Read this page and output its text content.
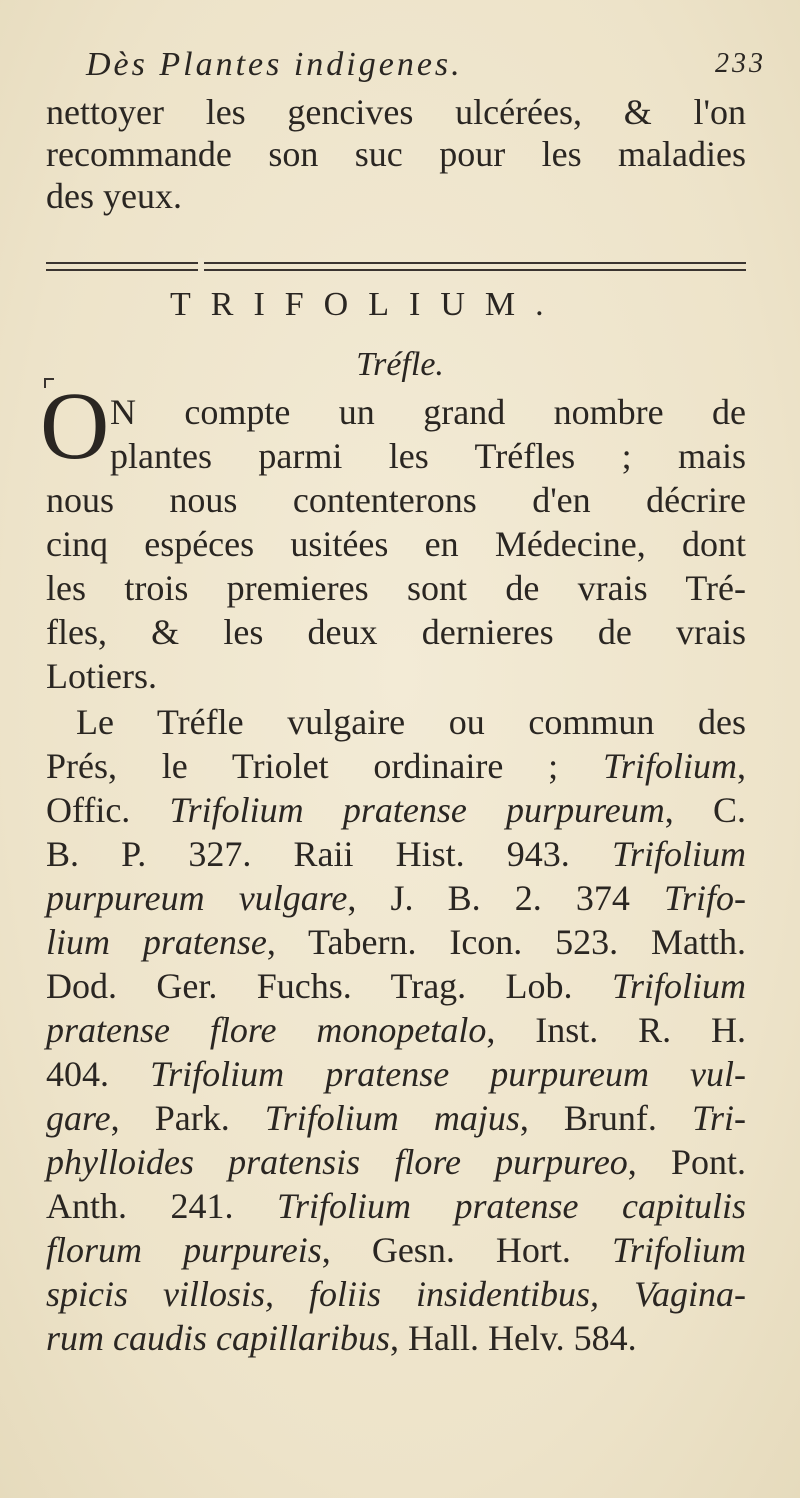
Dès Plantes indigenes.	233
nettoyer les gencives ulcérées, & l'on
recommande son suc pour les maladies
des yeux.
TRIFOLIUM.
Tréfle.
O N compte un grand nombre de
plantes parmi les Tréfles ; mais
nous nous contenterons d'en décrire
cinq espéces usitées en Médecine, dont
les trois premieres sont de vrais Tré-
fles, & les deux dernieres de vrais
Lotiers.
Le Tréfle vulgaire ou commun des
Prés, le Triolet ordinaire ; Trifolium,
Offic. Trifolium pratense purpureum, C.
B. P. 327. Raii Hist. 943. Trifolium
purpureum vulgare, J. B. 2. 374 Trifo-
lium pratense, Tabern. Icon. 523. Matth.
Dod. Ger. Fuchs. Trag. Lob. Trifolium
pratense flore monopetalo, Inst. R. H.
404. Trifolium pratense purpureum vul-
gare, Park. Trifolium majus, Brunf. Tri-
phylloides pratensis flore purpureo, Pont.
Anth. 241. Trifolium pratense capitulis
florum purpureis, Gesn. Hort. Trifolium
spicis villosis, foliis insidentibus, Vagina-
rum caudis capillaribus, Hall. Helv. 584.
